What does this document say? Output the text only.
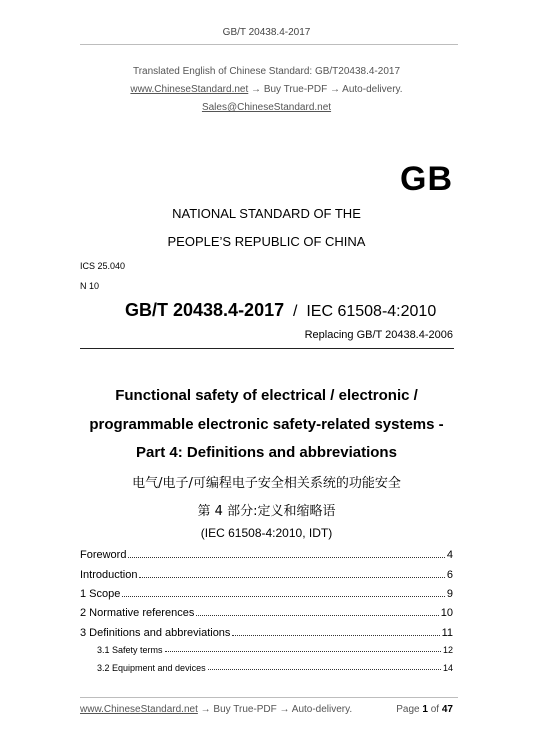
GB/T 20438.4-2017
Translated English of Chinese Standard: GB/T20438.4-2017
www.ChineseStandard.net → Buy True-PDF → Auto-delivery.
Sales@ChineseStandard.net
GB
NATIONAL STANDARD OF THE
PEOPLE’S REPUBLIC OF CHINA
ICS 25.040
N 10
GB/T 20438.4-2017  /  IEC 61508-4:2010
Replacing GB/T 20438.4-2006
Functional safety of electrical / electronic /
programmable electronic safety-related systems -
Part 4: Definitions and abbreviations
电气/电子/可编程电子安全相关系统的功能安全
第 4 部分:定义和缩略语
(IEC 61508-4:2010, IDT)
Foreword	4
Introduction	6
1 Scope	9
2 Normative references	10
3 Definitions and abbreviations	11
3.1 Safety terms	12
3.2 Equipment and devices	14
www.ChineseStandard.net → Buy True-PDF → Auto-delivery.	Page 1 of 47
